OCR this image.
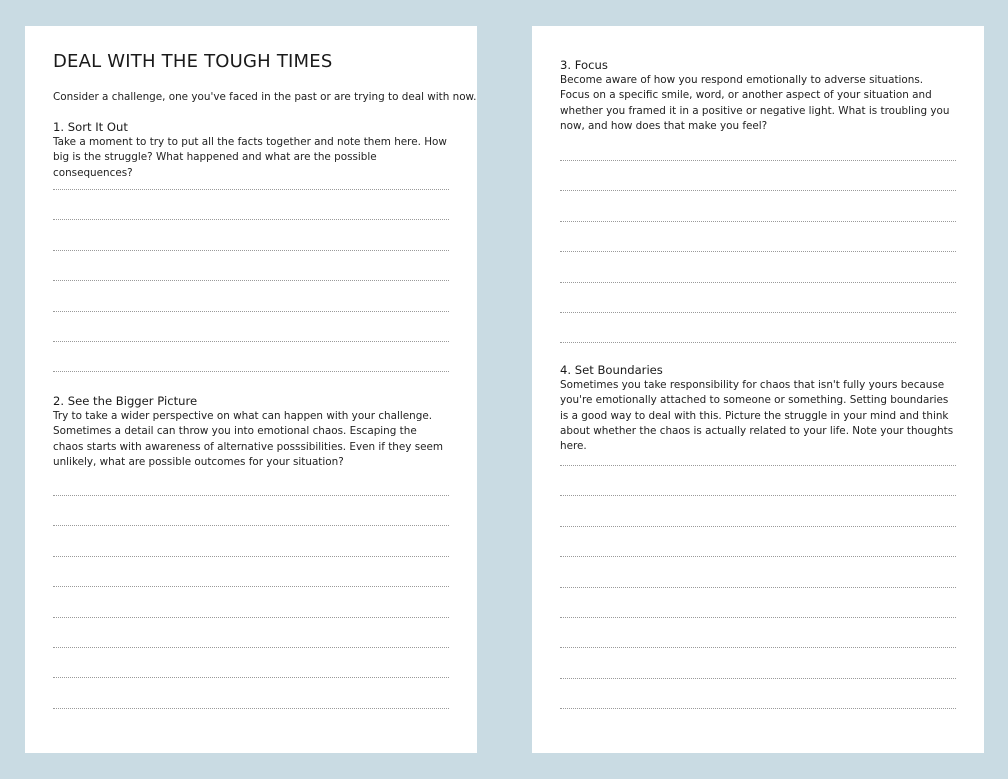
DEAL WITH THE TOUGH TIMES

Consider a challenge, one you've faced in the past or are trying to deal with now.

1. Sort It Out

Take a moment to try to put all the facts together and note them here. How big is the struggle? What happened and what are the possible consequences?

2. See the Bigger Picture

Try to take a wider perspective on what can happen with your challenge. Sometimes a detail can throw you into emotional chaos. Escaping the chaos starts with awareness of alternative posssibilities. Even if they seem unlikely, what are possible outcomes for your situation?

3. Focus

Become aware of how you respond emotionally to adverse situations. Focus on a specific smile, word, or another aspect of your situation and whether you framed it in a positive or negative light. What is troubling you now, and how does that make you feel?

4. Set Boundaries

Sometimes you take responsibility for chaos that isn't fully yours because you're emotionally attached to someone or something. Setting boundaries is a good way to deal with this. Picture the struggle in your mind and think about whether the chaos is actually related to your life. Note your thoughts here.
